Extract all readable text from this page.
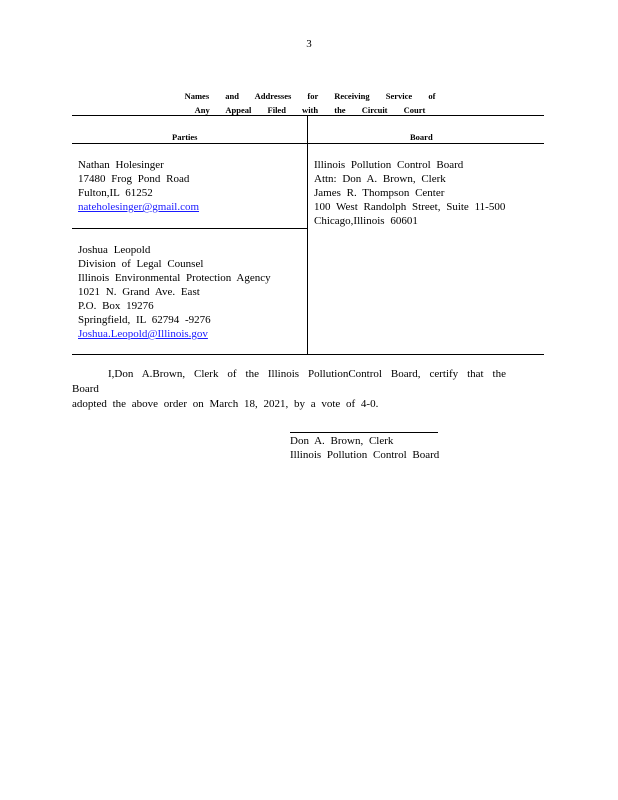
3
Names and Addresses for Receiving Service of
Any Appeal Filed with the Circuit Court
Parties	Board
Nathan Holesinger
17480 Frog Pond Road
Fulton,IL 61252
nateholesinger@gmail.com
Joshua Leopold
Division of Legal Counsel
Illinois Environmental Protection Agency
1021 N. Grand Ave. East
P.O. Box 19276
Springfield, IL 62794 -9276
Joshua.Leopold@Illinois.gov
Illinois Pollution Control Board
Attn: Don A. Brown, Clerk
James R. Thompson Center
100 West Randolph Street, Suite 11-500
Chicago,Illinois 60601
I,Don A.Brown, Clerk of the Illinois PollutionControl Board, certify that the Board
adopted the above order on March 18, 2021, by a vote of 4-0.
Don A. Brown, Clerk
Illinois Pollution Control Board
